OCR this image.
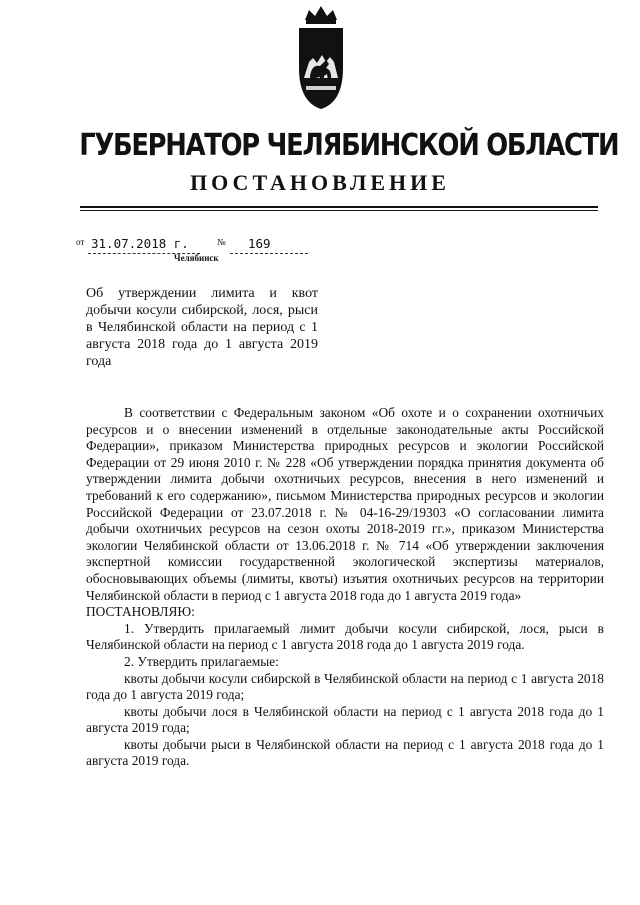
ГУБЕРНАТОР ЧЕЛЯБИНСКОЙ ОБЛАСТИ
ПОСТАНОВЛЕНИЕ
от 31.07.2018 г.	№ 169
Челябинск
Об утверждении лимита и квот добычи косули сибирской, лося, рыси в Челябинской области на период с 1 августа 2018 года до 1 августа 2019 года

В соответствии с Федеральным законом «Об охоте и о сохранении охотничьих ресурсов и о внесении изменений в отдельные законодательные акты Российской Федерации», приказом Министерства природных ресурсов и экологии Российской Федерации от 29 июня 2010 г. № 228 «Об утверждении порядка принятия документа об утверждении лимита добычи охотничьих ресурсов, внесения в него изменений и требований к его содержанию», письмом Министерства природных ресурсов и экологии Российской Федерации от 23.07.2018 г. № 04-16-29/19303 «О согласовании лимита добычи охотничьих ресурсов на сезон охоты 2018-2019 гг.», приказом Министерства экологии Челябинской области от 13.06.2018 г. № 714 «Об утверждении заключения экспертной комиссии государственной экологической экспертизы материалов, обосновывающих объемы (лимиты, квоты) изъятия охотничьих ресурсов на территории Челябинской области в период с 1 августа 2018 года до 1 августа 2019 года»

ПОСТАНОВЛЯЮ:

1. Утвердить прилагаемый лимит добычи косули сибирской, лося, рыси в Челябинской области на период с 1 августа 2018 года до 1 августа 2019 года.

2. Утвердить прилагаемые:

квоты добычи косули сибирской в Челябинской области на период с 1 августа 2018 года до 1 августа 2019 года;

квоты добычи лося в Челябинской области на период с 1 августа 2018 года до 1 августа 2019 года;

квоты добычи рыси в Челябинской области на период с 1 августа 2018 года до 1 августа 2019 года.
